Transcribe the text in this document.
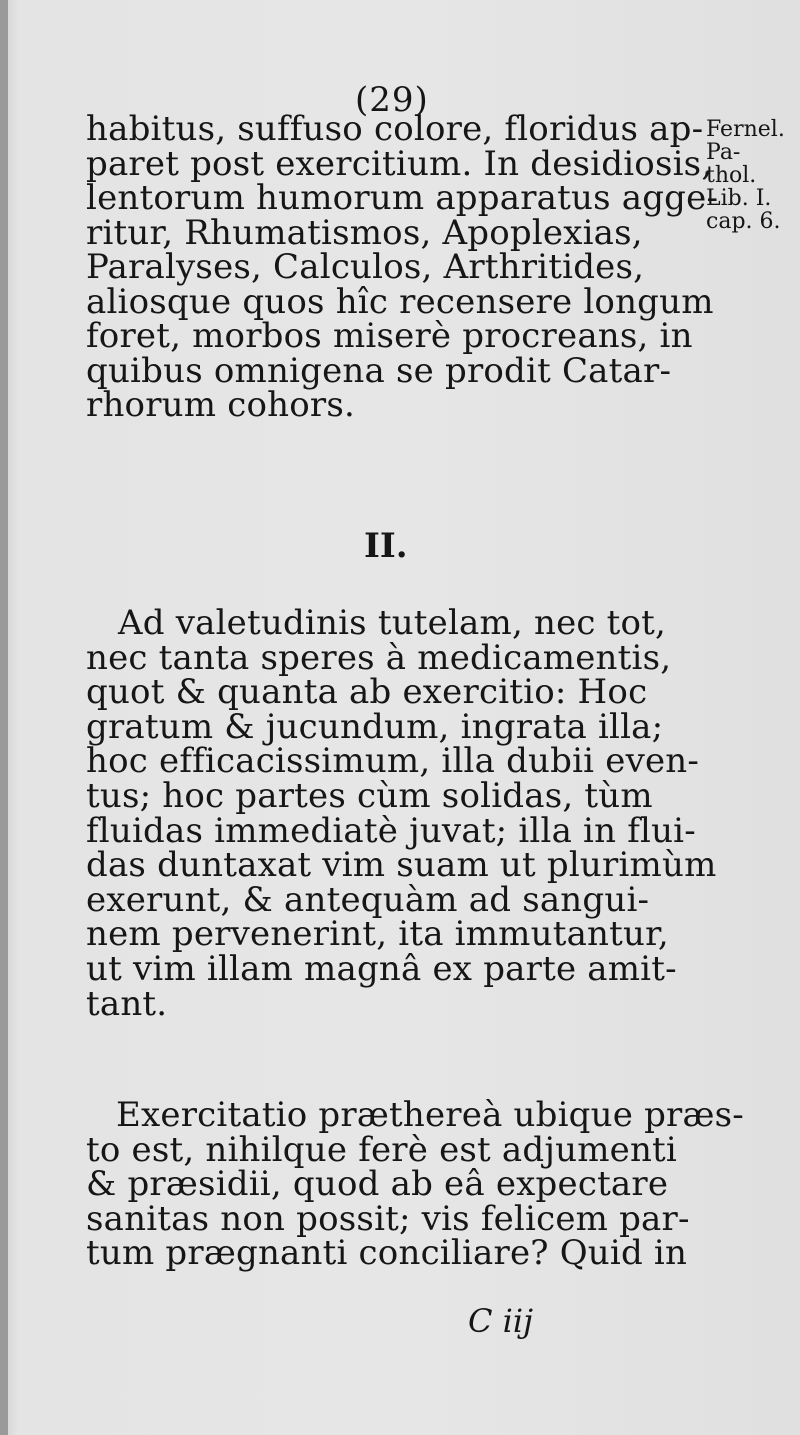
(29)
habitus, suffuso colore, floridus ap-
paret post exercitium. In desidiosis,
lentorum humorum apparatus agge-
ritur, Rhumatismos, Apoplexias,
Paralyses, Calculos, Arthritides,
aliosque quos hîc recensere longum
foret, morbos miserè procreans, in
quibus omnigena se prodit Catar-
rhorum cohors.
Fernel.
Pa-
thol.
Lib. I.
cap. 6.
II.
Ad valetudinis tutelam, nec tot,
nec tanta speres à medicamentis,
quot & quanta ab exercitio: Hoc
gratum & jucundum, ingrata illa;
hoc efficacissimum, illa dubii even-
tus; hoc partes cùm solidas, tùm
fluidas immediatè juvat; illa in flui-
das duntaxat vim suam ut plurimùm
exerunt, & antequàm ad sangui-
nem pervenerint, ita immutantur,
ut vim illam magnâ ex parte amit-
tant.
Exercitatio præthereà ubique præs-
to est, nihilque ferè est adjumenti
& præsidii, quod ab eâ expectare
sanitas non possit; vis felicem par-
tum prægnanti conciliare? Quid in
C iij
